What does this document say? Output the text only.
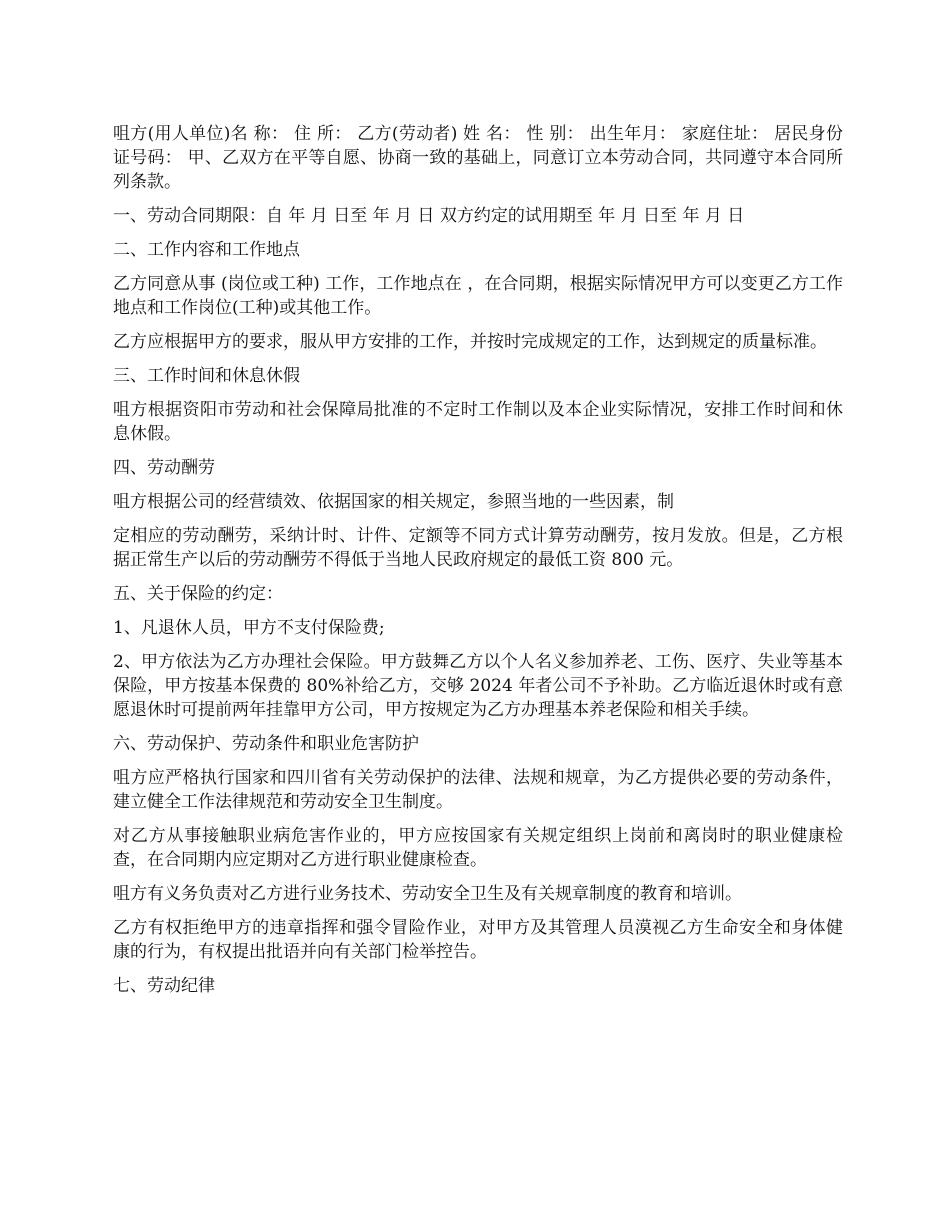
咀方(用人单位)名 称： 住 所： 乙方(劳动者) 姓 名： 性 别： 出生年月： 家庭住址： 居民身份证号码： 甲、乙双方在平等自愿、协商一致的基础上，同意订立本劳动合同，共同遵守本合同所列条款。

一、劳动合同期限：自 年 月 日至 年 月 日 双方约定的试用期至 年 月 日至 年 月 日

二、工作内容和工作地点

乙方同意从事 (岗位或工种) 工作，工作地点在 ，在合同期，根据实际情况甲方可以变更乙方工作地点和工作岗位(工种)或其他工作。

乙方应根据甲方的要求，服从甲方安排的工作，并按时完成规定的工作，达到规定的质量标准。

三、工作时间和休息休假

咀方根据资阳市劳动和社会保障局批准的不定时工作制以及本企业实际情况，安排工作时间和休息休假。

四、劳动酬劳

咀方根据公司的经营绩效、依据国家的相关规定，参照当地的一些因素，制

定相应的劳动酬劳，采纳计时、计件、定额等不同方式计算劳动酬劳，按月发放。但是，乙方根据正常生产以后的劳动酬劳不得低于当地人民政府规定的最低工资 800 元。

五、关于保险的约定：

1、凡退休人员，甲方不支付保险费;

2、甲方依法为乙方办理社会保险。甲方鼓舞乙方以个人名义参加养老、工伤、医疗、失业等基本保险，甲方按基本保费的 80%补给乙方，交够 2024 年者公司不予补助。乙方临近退休时或有意愿退休时可提前两年挂靠甲方公司，甲方按规定为乙方办理基本养老保险和相关手续。

六、劳动保护、劳动条件和职业危害防护

咀方应严格执行国家和四川省有关劳动保护的法律、法规和规章，为乙方提供必要的劳动条件，建立健全工作法律规范和劳动安全卫生制度。

对乙方从事接触职业病危害作业的，甲方应按国家有关规定组织上岗前和离岗时的职业健康检查，在合同期内应定期对乙方进行职业健康检查。

咀方有义务负责对乙方进行业务技术、劳动安全卫生及有关规章制度的教育和培训。

乙方有权拒绝甲方的违章指挥和强令冒险作业，对甲方及其管理人员漠视乙方生命安全和身体健康的行为，有权提出批语并向有关部门检举控告。

七、劳动纪律
